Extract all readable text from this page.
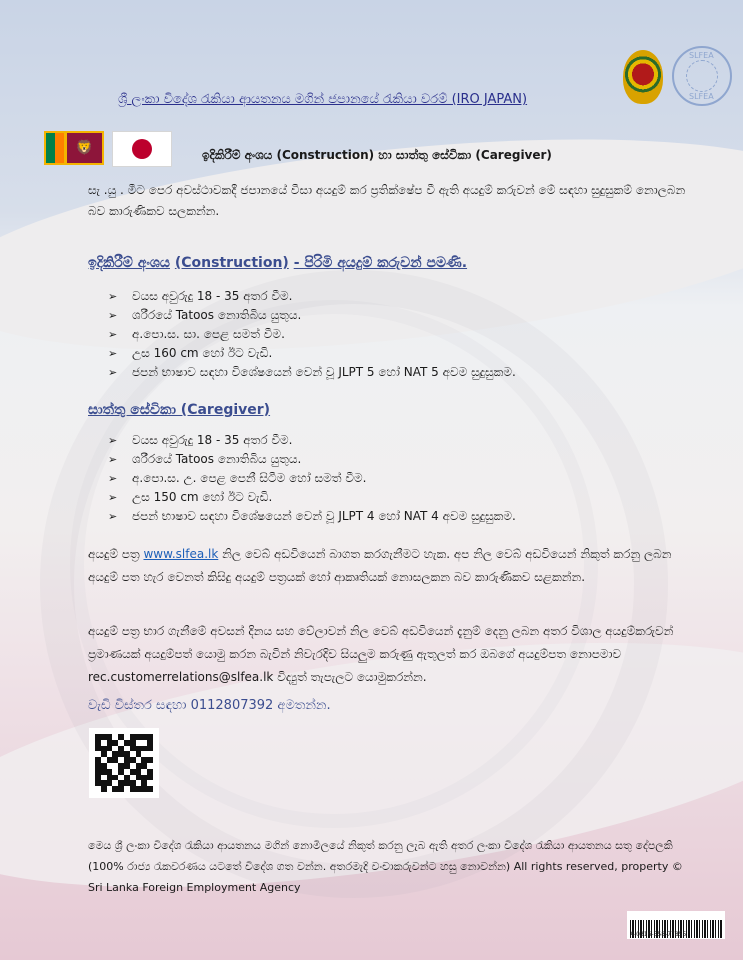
ශ්‍රී ලංකා විදේශ රැකියා ආයතනය මගින් ජපානයේ රැකියා වරම් (IRO JAPAN)
SLFEA
SLFEA
🦁	ඉදිකිරීම් අංශය (Construction) හා සාත්තු සේවිකා (Caregiver)
සැ .යු . මීට පෙර අවස්ථාවකදී ජපානයේ වීසා අයදුම් කර ප්‍රතික්ෂේප වී ඇති අයදුම් කරුවන් මේ සඳහා සුදුසුකම් නොලබන බව කාරුණිකව සලකන්න.
ඉදිකිරීම් අංශය (Construction) - පිරිමි අයදුම් කරුවන් පමණි.
➢ වයස අවුරුදු 18 - 35 අතර වීම.
➢ ශරීරයේ Tatoos නොතිබිය යුතුය.
➢ අ.පො.ස. සා. පෙළ සමත් වීම.
➢ උස 160 cm හෝ ඊට වැඩි.
➢ ජපන් භාෂාව සඳහා විශේෂයෙන් වෙන් වූ JLPT 5 හෝ NAT 5 අවම සුදුසුකම.
සාත්තු සේවිකා (Caregiver)
➢ වයස අවුරුදු 18 - 35 අතර වීම.
➢ ශරීරයේ Tatoos නොතිබිය යුතුය.
➢ අ.පො.ස. උ. පෙළ පෙනී සිටීම හෝ සමත් වීම.
➢ උස 150 cm හෝ ඊට වැඩි.
➢ ජපන් භාෂාව සඳහා විශේෂයෙන් වෙන් වූ JLPT 4 හෝ NAT 4 අවම සුදුසුකම.
අයදුම් පත්‍ර www.slfea.lk නිල වෙබ් අඩවියෙන් බාගත කරගැනීමට හැක. අප නිල වෙබ් අඩවියෙන් නිකුත් කරනු ලබන අයදුම් පත හැර වෙනත් කිසිදු අයදුම් පත්‍රයක් හෝ ආකෘතියක් නොසලකන බව කාරුණිකව සළකන්න.
අයදුම් පත්‍ර භාර ගැනීමේ අවසන් දිනය සහ වේලාවන් නිල වෙබ් අඩවියෙන් දැනුම් දෙනු ලබන අතර විශාල අයදුම්කරුවන් ප්‍රමාණයක් අයදුම්පත් යොමු කරන බැවින් නිවැරදිව සියලුම කරුණු ඇතුලත් කර ඔබගේ අයදුම්පත නොපමාව rec.customerrelations@slfea.lk විද්‍යුත් තැපැලට යොමුකරන්න.
වැඩි විස්තර සඳහා 0112807392 අමතන්න.
මෙය ශ්‍රී ලංකා විදේශ රැකියා ආයතනය මගින් නොමිලයේ නිකුත් කරනු ලැබ ඇති අතර ලංකා විදේශ රැකියා ආයතනය සතු දේපලකි (100% රාජ්‍ය රැකවරණය යටතේ විදේශ ගත වන්න. අතරමැදි වංචාකරුවන්ට හසු නොවන්න) All rights reserved, property © Sri Lanka Foreign Employment Agency
A-0316-558-77855
